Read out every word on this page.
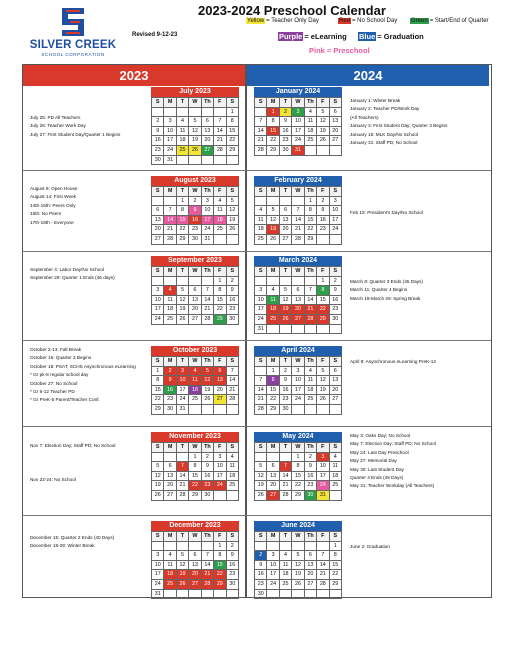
SILVER CREEK
SCHOOL CORPORATION
2023-2024 Preschool Calendar
Revised 9-12-23
Yellow = Teacher Only Day	Red = No School Day Green = Start/End of Quarter
Purple = eLearning Blue = Graduation
Pink = Preschool
2023	2024
July 25: PD All Teachers
July 26: Teacher Work Day
July 27: First Student Day/Quarter 1 Begins
August 9: Open House
August 14: First Week
14th-15th: Peers Only
16th: No Peers
17th-18th - Everyone
September 4: Labor Day/No School
September 29: Quarter 1 Ends (46 days)
October 2-13: Fall Break
October 16: Quarter 2 Begins
October 18: PSAT, SCHS Asynchronous eLearning
* Gr pk-8 regular school day
October 27: No School
* Gr 6-12 Teacher PD
* Gr PreK-5 Parent/Teacher Conf.
Nov 7: Election Day; Staff PD; No School

Nov 22-24: No School
December 15: Quarter 2 Ends (40 Days)
December 18-29: Winter Break
January 1: Winter Break
January 2: Teacher PD/Work Day
(All Teachers)
January 3: First Student Day; Quarter 3 Begins
January 15: MLK Day/No School
January 31: Staff PD; No School

Feb 19: President's Day/No School
March 8: Quarter 3 Ends (45 Days)
March 11: Quarter 4 Begins
March 18-March 29: Spring Break
April 8: Asynchronous eLearning PreK-12
May 3: Oaks Day; No School
May 7: Election Day; Staff PD; No School
May 24: Last Day Preschool
May 27: Memorial Day
May 30: Last Student Day
Quarter 4 Ends (45 Days)
May 31: Teacher Workday (All Teachers)
June 2: Graduation
July 2023
S	M	T	W	Th	F	S
						1
2	3	4	5	6	7	8
9	10	11	12	13	14	15
16	17	18	19	20	21	22
23	24	25	26	27	28	29
30	31					
August 2023
S	M	T	W	Th	F	S
		1	2	3	4	5
6	7	8	9	10	11	12
13	14	15	16	17	18	19
20	21	22	23	24	25	26
27	28	29	30	31		
September 2023
S	M	T	W	Th	F	S
					1	2
3	4	5	6	7	8	9
10	11	12	13	14	15	16
17	18	19	20	21	22	23
24	25	26	27	28	29	30
October 2023
S	M	T	W	Th	F	S
1	2	3	4	5	6	7
8	9	10	11	12	13	14
15	16	17	18	19	20	21
22	23	24	25	26	27	28
29	30	31				
November 2023
S	M	T	W	Th	F	S
			1	2	3	4
5	6	7	8	9	10	11
12	13	14	15	16	17	18
19	20	21	22	23	24	25
26	27	28	29	30		
December 2023
S	M	T	W	Th	F	S
					1	2
3	4	5	6	7	8	9
10	11	12	13	14	15	16
17	18	19	20	21	22	23
24	25	26	27	28	29	30
31						
January 2024
S	M	T	W	Th	F	S
	1	2	3	4	5	6
7	8	9	10	11	12	13
14	15	16	17	18	19	20
21	22	23	24	25	26	27
28	29	30	31			
February 2024
S	M	T	W	Th	F	S
				1	2	3
4	5	6	7	8	9	10
11	12	13	14	15	16	17
18	19	20	21	22	23	24
25	26	27	28	29		
March 2024
S	M	T	W	Th	F	S
					1	2
3	4	5	6	7	8	9
10	11	12	13	14	15	16
17	18	19	20	21	22	23
24	25	26	27	28	29	30
31						
April 2024
S	M	T	W	Th	F	S
	1	2	3	4	5	6
7	8	9	10	11	12	13
14	15	16	17	18	19	20
21	22	23	24	25	26	27
28	29	30				
May 2024
S	M	T	W	Th	F	S
			1	2	3	4
5	6	7	8	9	10	11
12	13	14	15	16	17	18
19	20	21	22	23	24	25
26	27	28	29	30	31	
June 2024
S	M	T	W	Th	F	S
						1
2	3	4	5	6	7	8
9	10	11	12	13	14	15
16	17	18	19	20	21	22
23	24	25	26	27	28	29
30						
